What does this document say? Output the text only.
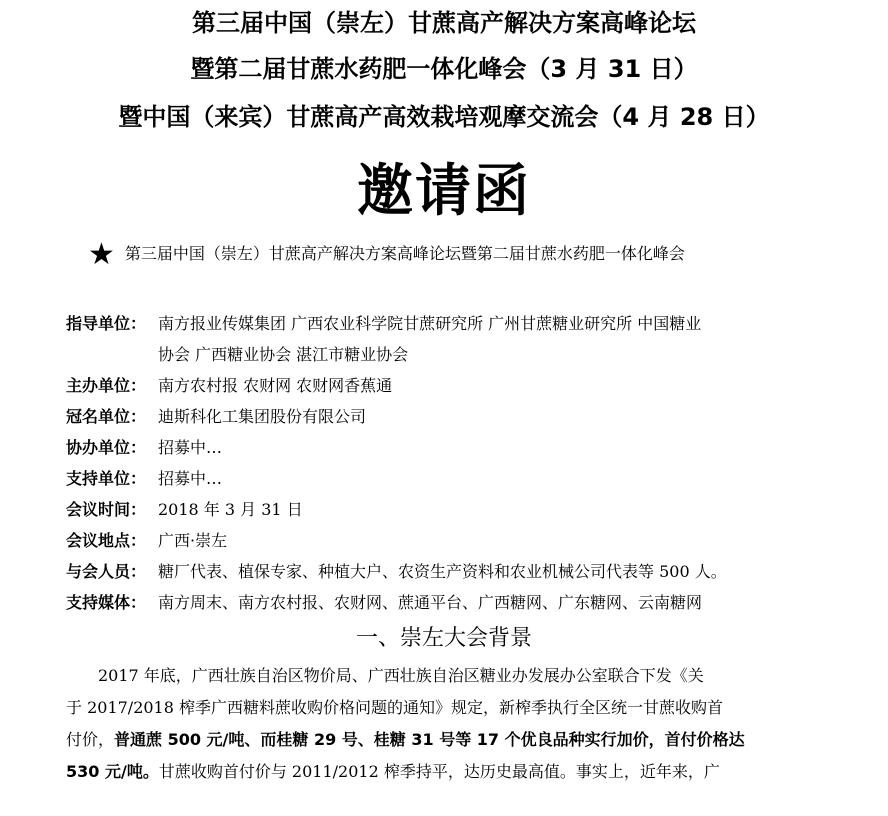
第三届中国（崇左）甘蔗高产解决方案高峰论坛
暨第二届甘蔗水药肥一体化峰会（3 月 31 日）
暨中国（来宾）甘蔗高产高效栽培观摩交流会（4 月 28 日）
邀请函
★ 第三届中国（崇左）甘蔗高产解决方案高峰论坛暨第二届甘蔗水药肥一体化峰会
指导单位： 南方报业传媒集团 广西农业科学院甘蔗研究所 广州甘蔗糖业研究所 中国糖业
协会 广西糖业协会 湛江市糖业协会
主办单位： 南方农村报 农财网 农财网香蕉通
冠名单位： 迪斯科化工集团股份有限公司
协办单位： 招募中…
支持单位： 招募中…
会议时间： 2018 年 3 月 31 日
会议地点： 广西·崇左
与会人员： 糖厂代表、植保专家、种植大户、农资生产资料和农业机械公司代表等 500 人。
支持媒体： 南方周末、南方农村报、农财网、蔗通平台、广西糖网、广东糖网、云南糖网
一、崇左大会背景

2017 年底，广西壮族自治区物价局、广西壮族自治区糖业办发展办公室联合下发《关

于 2017/2018 榨季广西糖料蔗收购价格问题的通知》规定，新榨季执行全区统一甘蔗收购首

付价，普通蔗 500 元/吨、而桂糖 29 号、桂糖 31 号等 17 个优良品种实行加价，首付价格达

530 元/吨。甘蔗收购首付价与 2011/2012 榨季持平，达历史最高值。事实上，近年来，广
